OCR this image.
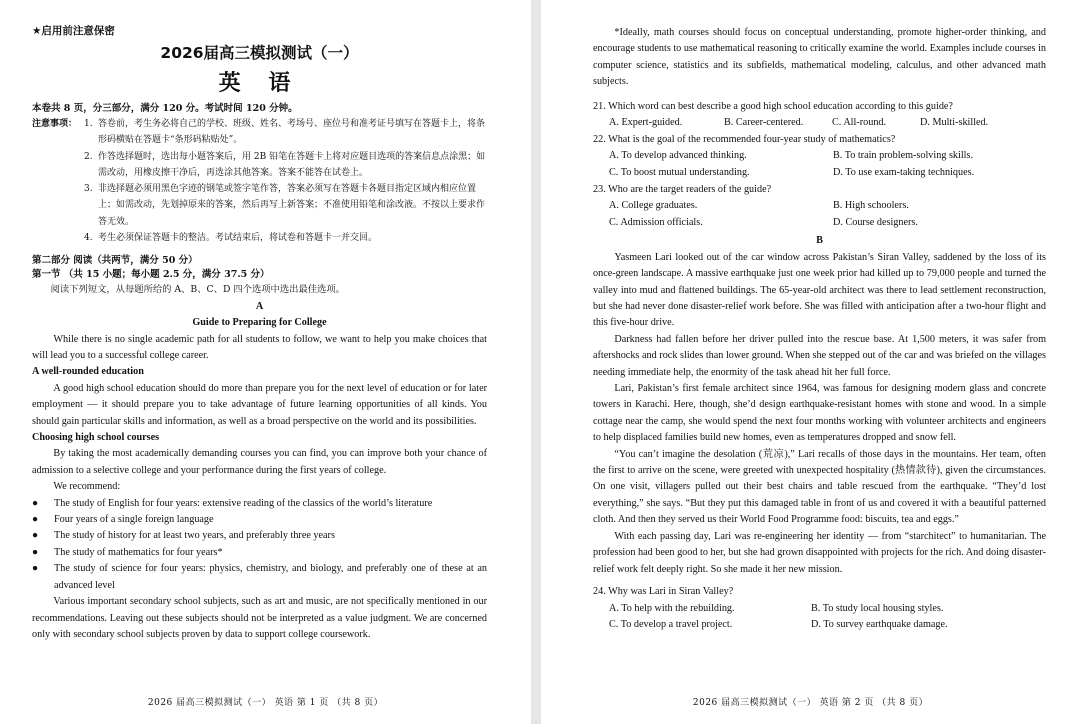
★启用前注意保密
2026届高三模拟测试（一）
英 语
本卷共 8 页，分三部分，满分 120 分。考试时间 120 分钟。
注意事项： 1. 答卷前，考生务必将自己的学校、班级、姓名、考场号、座位号和准考证号填写在答题卡上，将条形码横贴在答题卡“条形码粘贴处”。
2. 作答选择题时，选出每小题答案后，用 2B 铅笔在答题卡上将对应题目选项的答案信息点涂黑；如需改动，用橡皮擦干净后，再选涂其他答案。答案不能答在试卷上。
3. 非选择题必须用黑色字迹的钢笔或签字笔作答，答案必须写在答题卡各题目指定区域内相应位置上；如需改动，先划掉原来的答案，然后再写上新答案；不准使用铅笔和涂改液。不按以上要求作答无效。
4. 考生必须保证答题卡的整洁。考试结束后，将试卷和答题卡一并交回。
第二部分 阅读（共两节，满分 50 分）
第一节 （共 15 小题；每小题 2.5 分，满分 37.5 分）
阅读下列短文，从每题所给的 A、B、C、D 四个选项中选出最佳选项。
A
Guide to Preparing for College
While there is no single academic path for all students to follow, we want to help you make choices that will lead you to a successful college career.
A well-rounded education
A good high school education should do more than prepare you for the next level of education or for later employment — it should prepare you to take advantage of future learning opportunities of all kinds. You should gain particular skills and information, as well as a broad perspective on the world and its possibilities.
Choosing high school courses
By taking the most academically demanding courses you can find, you can improve both your chance of admission to a selective college and your performance during the first years of college.
We recommend:
● The study of English for four years: extensive reading of the classics of the world’s literature
● Four years of a single foreign language
● The study of history for at least two years, and preferably three years
● The study of mathematics for four years*
● The study of science for four years: physics, chemistry, and biology, and preferably one of these at an advanced level
Various important secondary school subjects, such as art and music, are not specifically mentioned in our recommendations. Leaving out these subjects should not be interpreted as a value judgment. We are concerned only with secondary school subjects proven by data to support college coursework.
2026 届高三模拟测试（一） 英语 第 1 页 （共 8 页）
*Ideally, math courses should focus on conceptual understanding, promote higher-order thinking, and encourage students to use mathematical reasoning to critically examine the world. Examples include courses in computer science, statistics and its subfields, mathematical modeling, calculus, and other advanced math subjects.
21. Which word can best describe a good high school education according to this guide?
A. Expert-guided.	B. Career-centered.	C. All-round.	D. Multi-skilled.
22. What is the goal of the recommended four-year study of mathematics?
A. To develop advanced thinking.	B. To train problem-solving skills.
C. To boost mutual understanding.	D. To use exam-taking techniques.
23. Who are the target readers of the guide?
A. College graduates.	B. High schoolers.
C. Admission officials.	D. Course designers.
B
Yasmeen Lari looked out of the car window across Pakistan’s Siran Valley, saddened by the loss of its once-green landscape. A massive earthquake just one week prior had killed up to 79,000 people and turned the valley into mud and flattened buildings. The 65-year-old architect was there to lead settlement reconstruction, but she had never done disaster-relief work before. She was filled with anticipation after a two-hour flight and this five-hour drive.
Darkness had fallen before her driver pulled into the rescue base. At 1,500 meters, it was safer from aftershocks and rock slides than lower ground. When she stepped out of the car and was briefed on the villages needing immediate help, the enormity of the task ahead hit her full force.
Lari, Pakistan’s first female architect since 1964, was famous for designing modern glass and concrete towers in Karachi. Here, though, she’d design earthquake-resistant homes with stone and wood. In a simple cottage near the camp, she would spend the next four months working with volunteer architects and engineers to help displaced families build new homes, even as temperatures dropped and snow fell.
“You can’t imagine the desolation (荒凉),” Lari recalls of those days in the mountains. Her team, often the first to arrive on the scene, were greeted with unexpected hospitality (热情款待), given the circumstances. On one visit, villagers pulled out their best chairs and table rescued from the earthquake. “They’d lost everything,” she says. “But they put this damaged table in front of us and covered it with a beautiful patterned cloth. And then they served us their World Food Programme food: biscuits, tea and eggs.”
With each passing day, Lari was re-engineering her identity — from “starchitect” to humanitarian. The profession had been good to her, but she had grown disappointed with projects for the rich. And doing disaster-relief work felt deeply right. So she made it her new mission.
24. Why was Lari in Siran Valley?
A. To help with the rebuilding.	B. To study local housing styles.
C. To develop a travel project.	D. To survey earthquake damage.
2026 届高三模拟测试（一） 英语 第 2 页 （共 8 页）
